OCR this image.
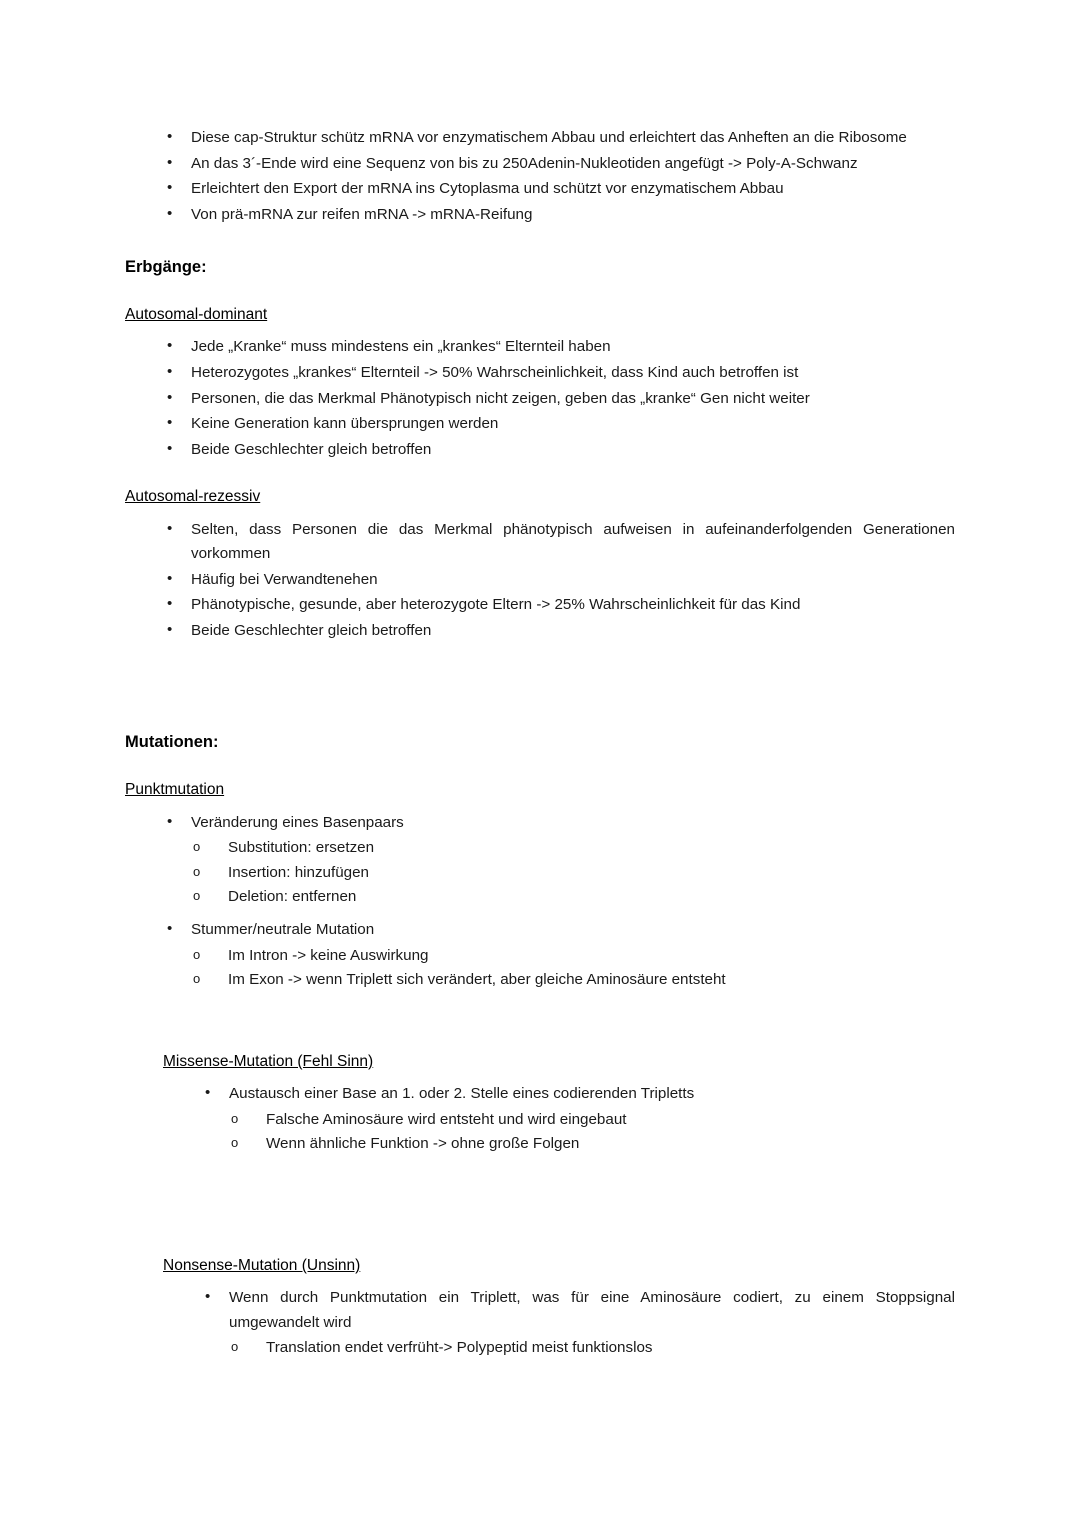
• Diese cap-Struktur schütz mRNA vor enzymatischem Abbau und erleichtert das Anheften an die Ribosome
• An das 3´-Ende wird eine Sequenz von bis zu 250Adenin-Nukleotiden angefügt -> Poly-A-Schwanz
• Erleichtert den Export der mRNA ins Cytoplasma und schützt vor enzymatischem Abbau
• Von prä-mRNA zur reifen mRNA -> mRNA-Reifung
Erbgänge:
Autosomal-dominant
• Jede „Kranke“ muss mindestens ein „krankes“ Elternteil haben
• Heterozygotes „krankes“ Elternteil -> 50% Wahrscheinlichkeit, dass Kind auch betroffen ist
• Personen, die das Merkmal Phänotypisch nicht zeigen, geben das „kranke“ Gen nicht weiter
• Keine Generation kann übersprungen werden
• Beide Geschlechter gleich betroffen
Autosomal-rezessiv
• Selten, dass Personen die das Merkmal phänotypisch aufweisen in aufeinanderfolgenden Generationen vorkommen
• Häufig bei Verwandtenehen
• Phänotypische, gesunde, aber heterozygote Eltern -> 25% Wahrscheinlichkeit für das Kind
• Beide Geschlechter gleich betroffen
Mutationen:
Punktmutation
• Veränderung eines Basenpaars
o Substitution: ersetzen
o Insertion: hinzufügen
o Deletion: entfernen
• Stummer/neutrale Mutation
o Im Intron -> keine Auswirkung
o Im Exon -> wenn Triplett sich verändert, aber gleiche Aminosäure entsteht
Missense-Mutation (Fehl Sinn)
• Austausch einer Base an 1. oder 2. Stelle eines codierenden Tripletts
o Falsche Aminosäure wird entsteht und wird eingebaut
o Wenn ähnliche Funktion -> ohne große Folgen
Nonsense-Mutation (Unsinn)
• Wenn durch Punktmutation ein Triplett, was für eine Aminosäure codiert, zu einem Stoppsignal umgewandelt wird
o Translation endet verfrüht-> Polypeptid meist funktionslos
